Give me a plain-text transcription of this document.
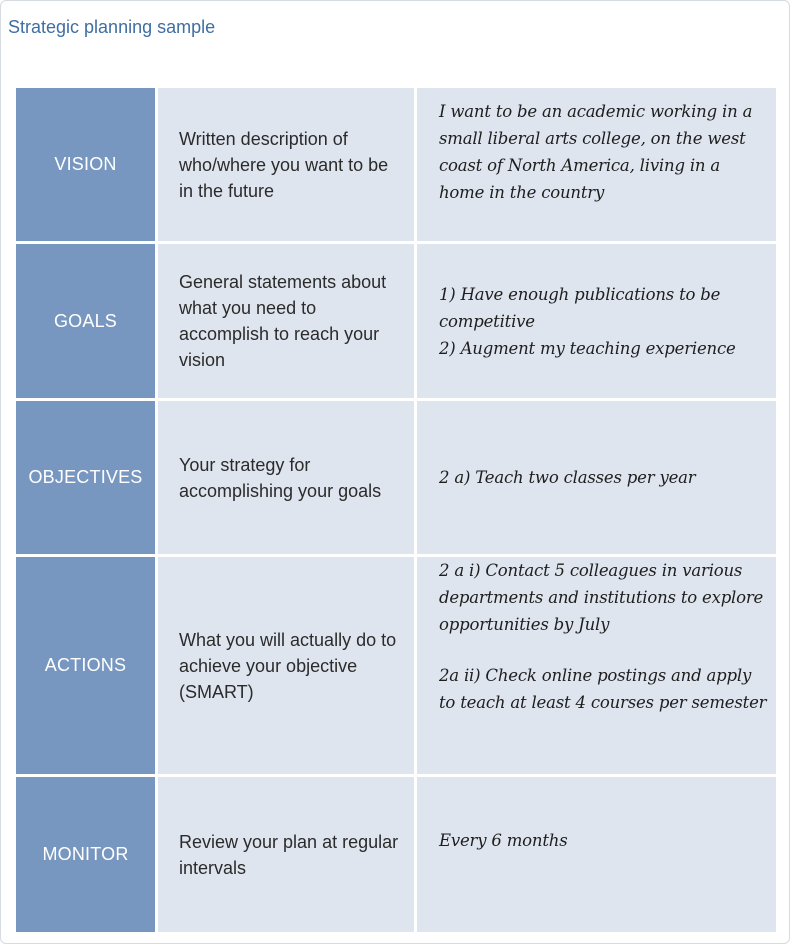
Strategic planning sample
VISION
Written description of who/where you want to be in the future
I want to be an academic working in a small liberal arts college, on the west coast of North America, living in a home in the country
GOALS
General statements about what you need to accomplish to reach your vision
1) Have enough publications to be competitive
2) Augment my teaching experience
OBJECTIVES
Your strategy for accomplishing your goals
2 a) Teach two classes per year
ACTIONS
What you will actually do to achieve your objective (SMART)
2 a i) Contact 5 colleagues in various departments and institutions to explore opportunities by July
2a ii) Check online postings and apply to teach at least 4 courses per semester
MONITOR
Review your plan at regular intervals
Every 6 months
